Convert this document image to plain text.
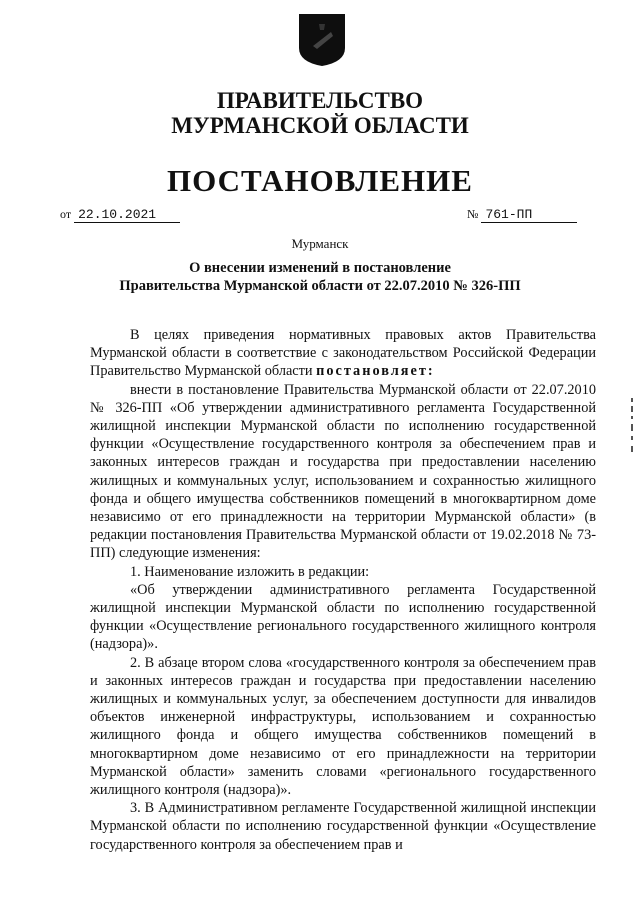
ПРАВИТЕЛЬСТВО
МУРМАНСКОЙ ОБЛАСТИ
ПОСТАНОВЛЕНИЕ
от 22.10.2021	№ 761-ПП
Мурманск
О внесении изменений в постановление
Правительства Мурманской области от 22.07.2010 № 326-ПП

В целях приведения нормативных правовых актов Правительства Мурманской области в соответствие с законодательством Российской Федерации Правительство Мурманской области постановляет:

внести в постановление Правительства Мурманской области от 22.07.2010 № 326-ПП «Об утверждении административного регламента Государственной жилищной инспекции Мурманской области по исполнению государственной функции «Осуществление государственного контроля за обеспечением прав и законных интересов граждан и государства при предоставлении населению жилищных и коммунальных услуг, использованием и сохранностью жилищного фонда и общего имущества собственников помещений в многоквартирном доме независимо от его принадлежности на территории Мурманской области» (в редакции постановления Правительства Мурманской области от 19.02.2018 № 73-ПП) следующие изменения:

1. Наименование изложить в редакции:

«Об утверждении административного регламента Государственной жилищной инспекции Мурманской области по исполнению государственной функции «Осуществление регионального государственного жилищного контроля (надзора)».

2. В абзаце втором слова «государственного контроля за обеспечением прав и законных интересов граждан и государства при предоставлении населению жилищных и коммунальных услуг, за обеспечением доступности для инвалидов объектов инженерной инфраструктуры, использованием и сохранностью жилищного фонда и общего имущества собственников помещений в многоквартирном доме независимо от его принадлежности на территории Мурманской области» заменить словами «регионального государственного жилищного контроля (надзора)».

3. В Административном регламенте Государственной жилищной инспекции Мурманской области по исполнению государственной функции «Осуществление государственного контроля за обеспечением прав и
